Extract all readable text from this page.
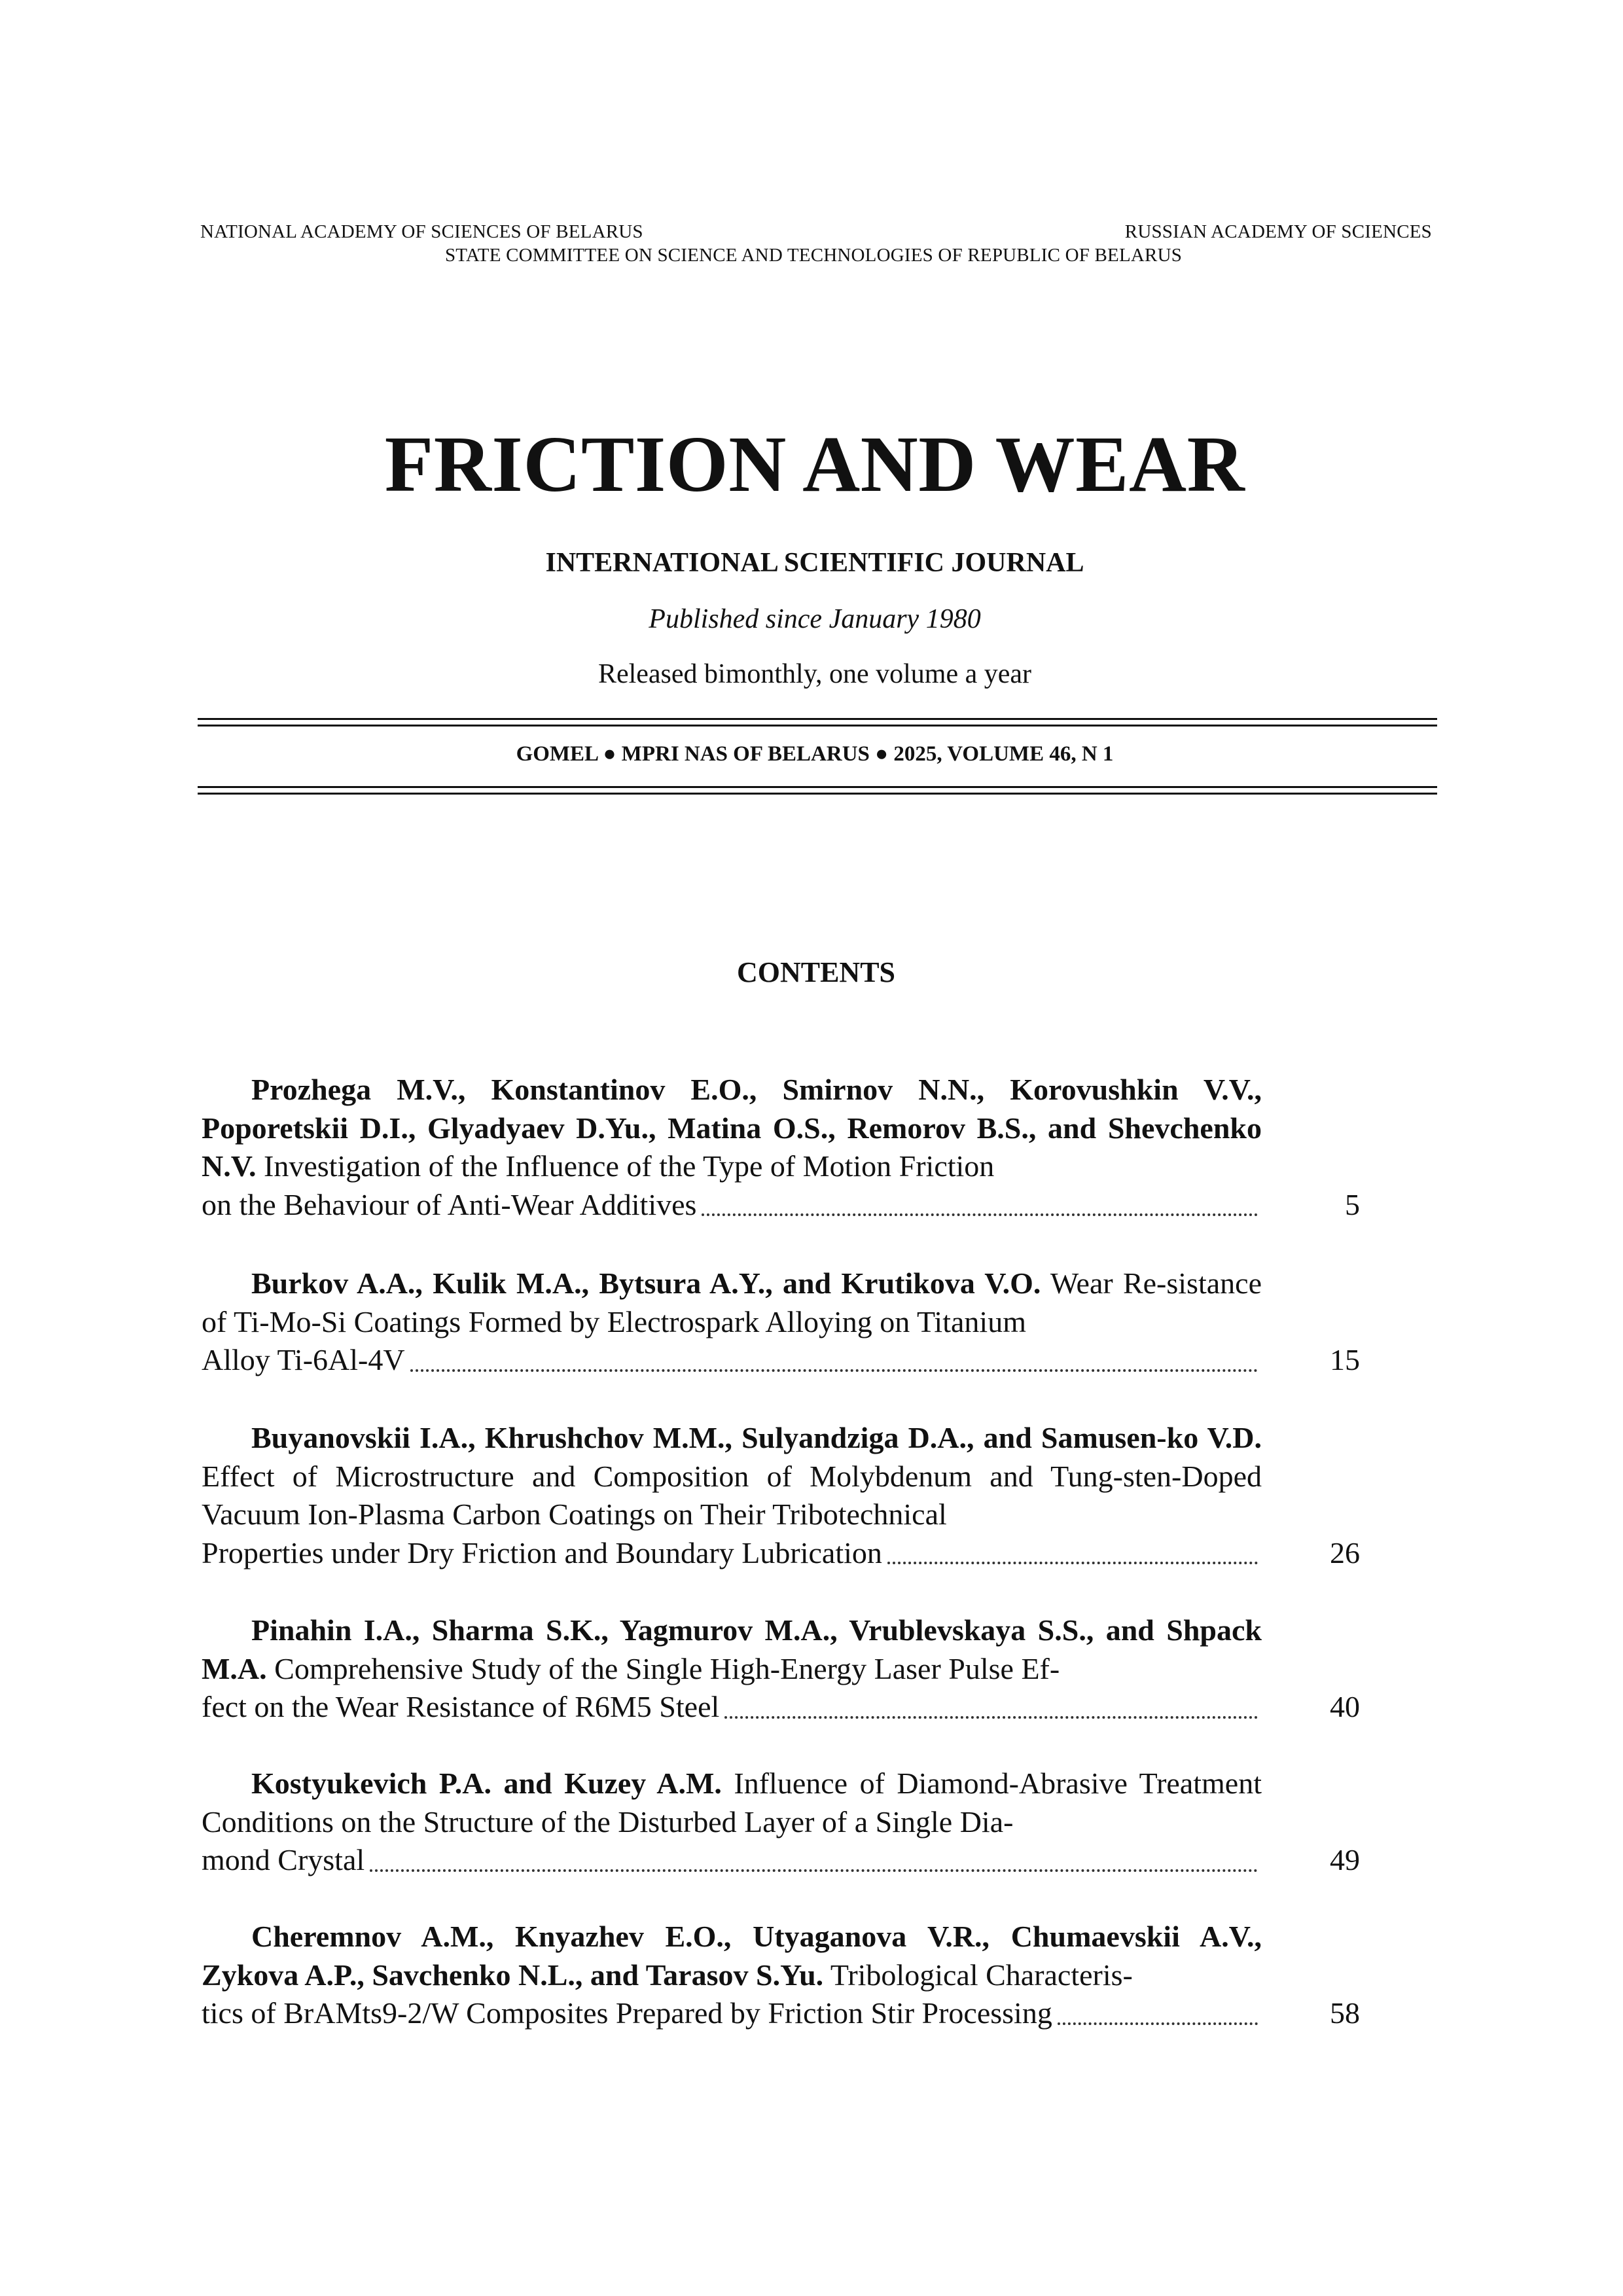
NATIONAL ACADEMY OF SCIENCES OF BELARUS	RUSSIAN ACADEMY OF SCIENCES
STATE COMMITTEE ON SCIENCE AND TECHNOLOGIES OF REPUBLIC OF BELARUS
FRICTION AND WEAR
INTERNATIONAL SCIENTIFIC JOURNAL
Published since January 1980
Released bimonthly, one volume a year
GOMEL ● MPRI NAS OF BELARUS ● 2025, VOLUME 46, N 1
CONTENTS
Prozhega M.V., Konstantinov E.O., Smirnov N.N., Korovushkin V.V., Poporetskii D.I., Glyadyaev D.Yu., Matina O.S., Remorov B.S., and Shevchenko N.V. Investigation of the Influence of the Type of Motion Friction
on the Behaviour of Anti-Wear Additives	5
Burkov A.A., Kulik M.A., Bytsura A.Y., and Krutikova V.O. Wear Re-sistance of Ti-Mo-Si Coatings Formed by Electrospark Alloying on Titanium
Alloy Ti-6Al-4V	15
Buyanovskii I.A., Khrushchov M.M., Sulyandziga D.A., and Samusen-ko V.D. Effect of Microstructure and Composition of Molybdenum and Tung-sten-Doped Vacuum Ion-Plasma Carbon Coatings on Their Tribotechnical
Properties under Dry Friction and Boundary Lubrication	26
Pinahin I.A., Sharma S.K., Yagmurov M.A., Vrublevskaya S.S., and Shpack M.A. Comprehensive Study of the Single High-Energy Laser Pulse Ef-
fect on the Wear Resistance of R6M5 Steel	40
Kostyukevich P.A. and Kuzey A.M. Influence of Diamond-Abrasive Treatment Conditions on the Structure of the Disturbed Layer of a Single Dia-
mond Crystal	49
Cheremnov A.M., Knyazhev E.O., Utyaganova V.R., Chumaevskii A.V., Zykova A.P., Savchenko N.L., and Tarasov S.Yu. Tribological Characteris-
tics of BrAMts9-2/W Composites Prepared by Friction Stir Processing	58
